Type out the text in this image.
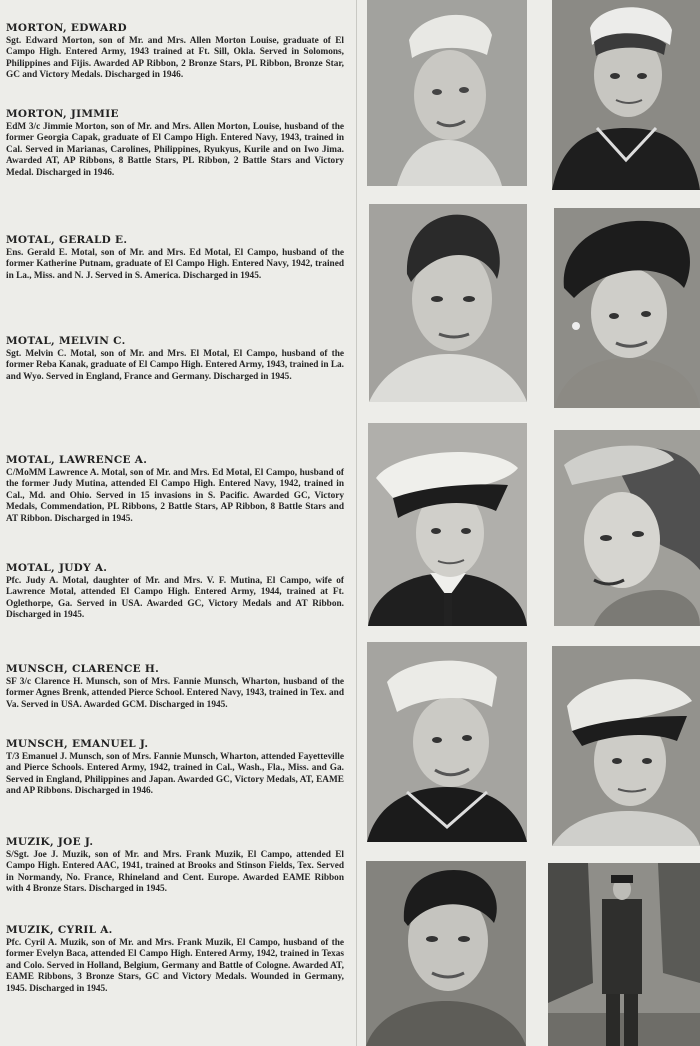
MORTON, EDWARD

Sgt. Edward Morton, son of Mr. and Mrs. Allen Morton Louise, graduate of El Campo High. Entered Army, 1943 trained at Ft. Sill, Okla. Served in Solomons, Philippines and Fijis. Awarded AP Ribbon, 2 Bronze Stars, PL Ribbon, Bronze Star, GC and Victory Medals. Discharged in 1946.

MORTON, JIMMIE

EdM 3/c Jimmie Morton, son of Mr. and Mrs. Allen Morton, Louise, husband of the former Georgia Capak, graduate of El Campo High. Entered Navy, 1943, trained in Cal. Served in Marianas, Carolines, Philippines, Ryukyus, Kurile and on Iwo Jima. Awarded AT, AP Ribbons, 8 Battle Stars, PL Ribbon, 2 Battle Stars and Victory Medal. Discharged in 1946.

MOTAL, GERALD E.

Ens. Gerald E. Motal, son of Mr. and Mrs. Ed Motal, El Campo, husband of the former Katherine Putnam, graduate of El Campo High. Entered Navy, 1942, trained in La., Miss. and N. J. Served in S. America. Discharged in 1945.

MOTAL, MELVIN C.

Sgt. Melvin C. Motal, son of Mr. and Mrs. El Motal, El Campo, husband of the former Reba Kanak, graduate of El Campo High. Entered Army, 1943, trained in La. and Wyo. Served in England, France and Germany. Discharged in 1945.

MOTAL, LAWRENCE A.

C/MoMM Lawrence A. Motal, son of Mr. and Mrs. Ed Motal, El Campo, husband of the former Judy Mutina, attended El Campo High. Entered Navy, 1942, trained in Cal., Md. and Ohio. Served in 15 invasions in S. Pacific. Awarded GC, Victory Medals, Commendation, PL Ribbons, 2 Battle Stars, AP Ribbon, 8 Battle Stars and AT Ribbon. Discharged in 1945.

MOTAL, JUDY A.

Pfc. Judy A. Motal, daughter of Mr. and Mrs. V. F. Mutina, El Campo, wife of Lawrence Motal, attended El Campo High. Entered Army, 1944, trained at Ft. Oglethorpe, Ga. Served in USA. Awarded GC, Victory Medals and AT Ribbon. Discharged in 1945.

MUNSCH, CLARENCE H.

SF 3/c Clarence H. Munsch, son of Mrs. Fannie Munsch, Wharton, husband of the former Agnes Brenk, attended Pierce School. Entered Navy, 1943, trained in Tex. and Va. Served in USA. Awarded GCM. Discharged in 1945.

MUNSCH, EMANUEL J.

T/3 Emanuel J. Munsch, son of Mrs. Fannie Munsch, Wharton, attended Fayetteville and Pierce Schools. Entered Army, 1942, trained in Cal., Wash., Fla., Miss. and Ga. Served in England, Philippines and Japan. Awarded GC, Victory Medals, AT, EAME and AP Ribbons. Discharged in 1946.

MUZIK, JOE J.

S/Sgt. Joe J. Muzik, son of Mr. and Mrs. Frank Muzik, El Campo, attended El Campo High. Entered AAC, 1941, trained at Brooks and Stinson Fields, Tex. Served in Normandy, No. France, Rhineland and Cent. Europe. Awarded EAME Ribbon with 4 Bronze Stars. Discharged in 1945.

MUZIK, CYRIL A.

Pfc. Cyril A. Muzik, son of Mr. and Mrs. Frank Muzik, El Campo, husband of the former Evelyn Baca, attended El Campo High. Entered Army, 1942, trained in Texas and Colo. Served in Holland, Belgium, Germany and Battle of Cologne. Awarded AT, EAME Ribbons, 3 Bronze Stars, GC and Victory Medals. Wounded in Germany, 1945. Discharged in 1945.
